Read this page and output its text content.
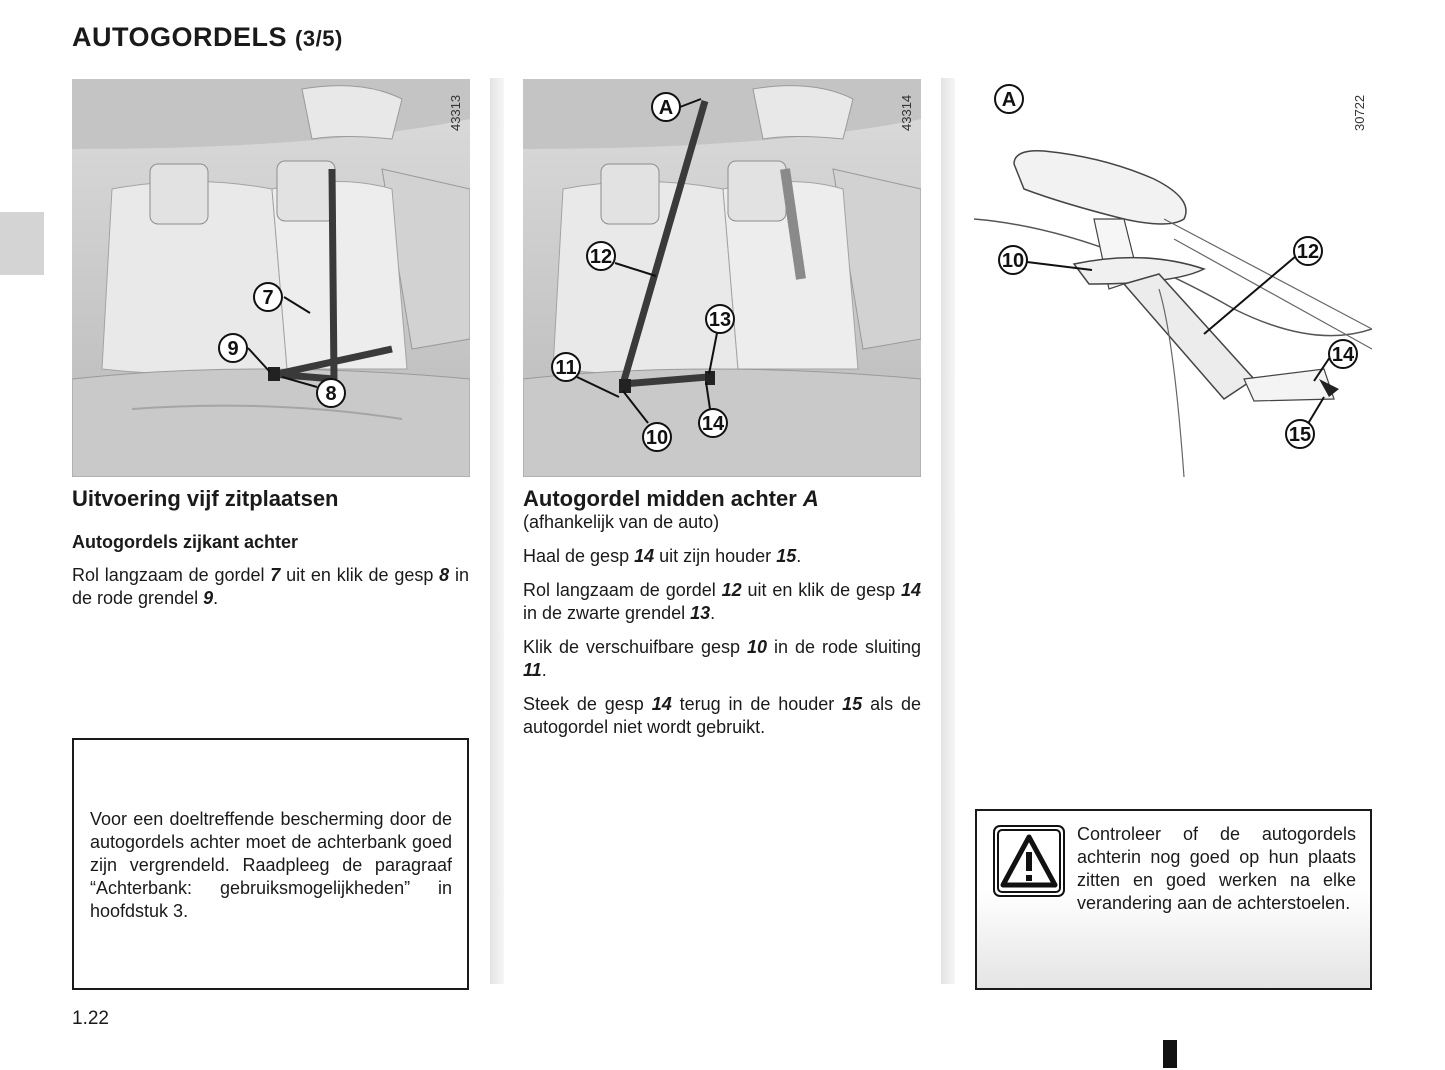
AUTOGORDELS (3/5)
43313
7
9
8
43314
A
12
13
11
10
14
30722
A
10	12
14
15
Uitvoering vijf zitplaatsen
Autogordels zijkant achter

Rol langzaam de gordel 7 uit en klik de gesp 8 in de rode grendel 9.

Voor een doeltreffende bescherming door de autogordels achter moet de achterbank goed zijn vergrendeld. Raadpleeg de paragraaf “Achterbank: gebruiksmogelijkheden” in hoofdstuk 3.
Autogordel midden achter A

(afhankelijk van de auto)

Haal de gesp 14 uit zijn houder 15.

Rol langzaam de gordel 12 uit en klik de gesp 14 in de zwarte grendel 13.

Klik de verschuifbare gesp 10 in de rode sluiting 11.

Steek de gesp 14 terug in de houder 15 als de autogordel niet wordt gebruikt.

Controleer of de autogordels achterin nog goed op hun plaats zitten en goed werken na elke verandering aan de achterstoelen.
1.22
